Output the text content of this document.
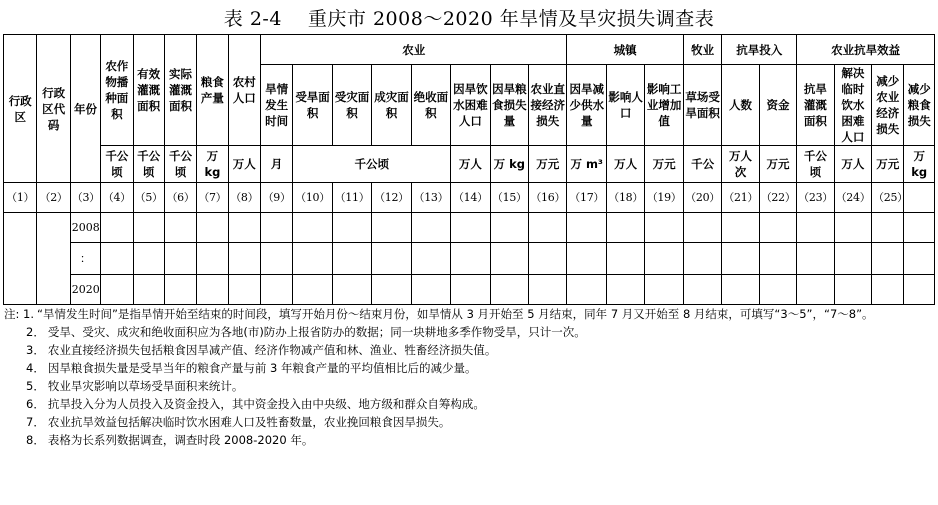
表 2-4 重庆市 2008～2020 年旱情及旱灾损失调查表
行政区	行政区代码	年份	农作物播种面积	有效灌溉面积	实际灌溉面积	粮食产量	农村人口	农业								城镇			牧业	抗旱投入		农业抗旱效益			
								旱情发生时间	受旱面积	受灾面积	成灾面积	绝收面积	因旱饮水困难人口	因旱粮食损失量	农业直接经济损失	因旱减少供水量	影响人口	影响工业增加值	草场受旱面积	人数	资金	抗旱灌溉面积	解决临时饮水困难人口	减少农业经济损失	减少粮食损失
			千公顷	千公顷	千公顷	万 kg	万人	月	千公顷				万人	万 kg	万元	万 m³	万人	万元	千公	万人次	万元	千公顷	万人	万元	万 kg
（1）	（2）	（3）	（4）	（5）	（6）	（7）	（8）	（9）	（10）	（11）	（12）	（13）	（14）	（15）	（16）	（17）	（18）	（19）	（20）	（21）	（22）	（23）	（24）	（25）	
		2008																							
		：																							
		2020																							

注: 1. “旱情发生时间”是指旱情开始至结束的时间段，填写开始月份～结束月份，如旱情从 3 月开始至 5 月结束，同年 7 月又开始至 8 月结束，可填写“3～5”，“7～8”。

2． 受旱、受灾、成灾和绝收面积应为各地(市)防办上报省防办的数据；同一块耕地多季作物受旱，只计一次。

3． 农业直接经济损失包括粮食因旱减产值、经济作物减产值和林、渔业、牲畜经济损失值。

4． 因旱粮食损失量是受旱当年的粮食产量与前 3 年粮食产量的平均值相比后的减少量。

5． 牧业旱灾影响以草场受旱面积来统计。

6． 抗旱投入分为人员投入及资金投入，其中资金投入由中央级、地方级和群众自筹构成。

7． 农业抗旱效益包括解决临时饮水困难人口及牲畜数量，农业挽回粮食因旱损失。

8． 表格为长系列数据调查，调查时段 2008-2020 年。
